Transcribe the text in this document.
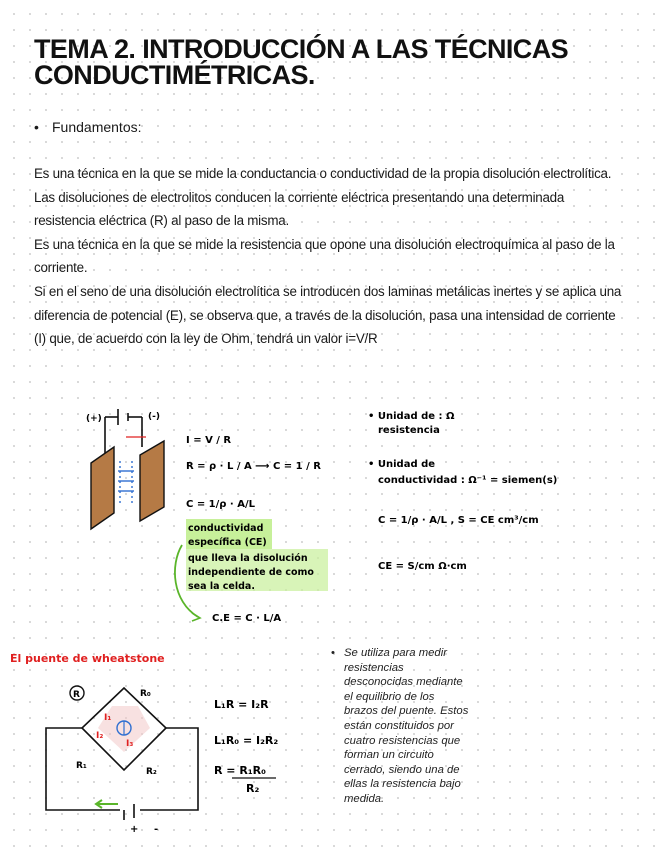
TEMA 2. INTRODUCCIÓN A LAS TÉCNICAS
CONDUCTIMÉTRICAS.
• Fundamentos:

Es una técnica en la que se mide la conductancia o conductividad de la propia disolución electrolítica.

Las disoluciones de electrolitos conducen la corriente eléctrica presentando una determinada resistencia eléctrica (R) al paso de la misma.

Es una técnica en la que se mide la resistencia que opone una disolución electroquímica al paso de la corriente.

Si en el seno de una disolución electrolítica se introducen dos laminas metálicas inertes y se aplica una diferencia de potencial (E), se observa que, a través de la disolución, pasa una intensidad de corriente (I) que, de acuerdo con la ley de Ohm, tendrá un valor i=V/R

(+)	(-)
I = V / R
R = ρ · L / A ⟶ C = 1 / R
C = 1/ρ · A/L
conductividad
específica (CE)
que lleva la disolución
independiente de como
sea la celda.
C.E = C · L/A
• Unidad de : Ω
resistencia
• Unidad de
conductividad : Ω⁻¹ = siemen(s)
C = 1/ρ · A/L , S = CE cm³/cm
CE = S/cm Ω·cm
El puente de wheatstone
R	R₀
R₁
R₂
I₁
I₂
I₃
+ -
L₁R = I₂R
L₁R₀ = I₂R₂
R = R₁R₀
R₂
• Se utiliza para medir
resistencias
desconocidas mediante
el equilibrio de los
brazos del puente. Estos
están constituidos por
cuatro resistencias que
forman un circuito
cerrado, siendo una de
ellas la resistencia bajo
medida.
